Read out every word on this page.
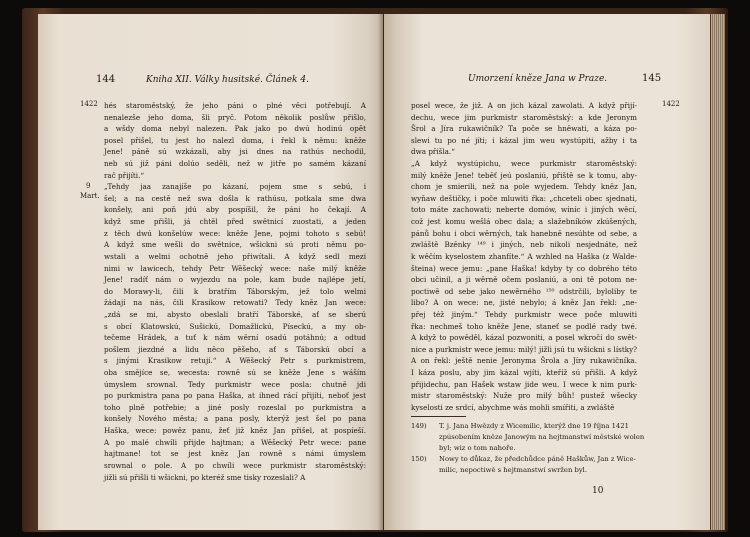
144	Kniha XII. Války husitské. Článek 4.
1422
9
Mart.
hés staroměstský, že jeho páni o plné věci potřebují. A
nenalezše jeho doma, šli pryč. Potom několik poslůw přišlo,
a wšdy doma nebyl nalezen. Pak jako po dwú hodinú opět
posel přišel, tu jest ho nalezl doma, i řekl k němu: kněže
Jene! páně sú wzkázali, aby jsi dnes na rathús nechodil,
neb sú již páni dolúo seděli, než w jitře po samém kázaní
rač přijíti.“
„Tehdy jaa zanajíše po kázaní, pojem sme s sebú, i
šel; a na cestě než swa došla k rathúsu, potkala sme dwa
konšely, ani poň jdú aby pospíšil, že páni ho čekají. A
když sme přišli, já chtěl před swětnicí zuostati, a jeden
z těch dwú konšelúw wece: kněže Jene, pojmi tohoto s sebú!
A když sme wešli do swětnice, wšickni sú proti němu po-
wstali a welmi ochotně jeho přiwítali. A když sedl mezi
nimi w lawicech, tehdy Petr Wěšecký wece: naše milý kněže
Jene! radíť nám o wyjezdu na pole, kam bude najlépe jetí,
do Morawy-li, čili k bratřím Táborským, jež tolo welmi
žádají na nás, čili Krasikow retowati? Tedy kněz Jan wece:
„zdá se mi, abysto obeslali bratří Táborské, ať se sberú
s obcí Klatowskú, Sušickú, Domažlickú, Píseckú, a my ob-
tečeme Hrádek, a tuť k nám wěrní osadú potáhnú; a odtud
pošlem jiezdné a lidu něco pěšeho, ať s Táborskú obcí a
s jinými Krasikow retují.“ A Wěšecký Petr s purkmistrem,
oba smějíce se, wecesta: rowně sú se kněže Jene s wáším
úmyslem srownal. Tedy purkmistr wece posla: chutně jdi
po purkmistra pana po pana Haška, at ihned rácí přijíti, neboť jest
toho plně potřebie; a jiné posly rozeslal po purkmistra a
konšely Nového města; a pana posly, kterýž jest šel po pana
Haška, wece: powěz panu, žeť již kněz Jan přišel, at pospíeší.
A po malé chwíli přijde hajtman; a Wěšecký Petr wece: pane
hajtmane! tot se jest kněz Jan rowně s námi úmyslem
srownal o pole. A po chwíli wece purkmistr staroměstský:
jižli sú přišli ti wšickni, po kteréž sme tisky rozeslali? A
Umorzení kněze Jana w Praze.	145
1422
posel wece, že již. A on jich kázal zawolati. A když přijí-
dechu, wece jim purkmistr staroměstský: a kde Jeronym
Šrol a Jíra rukawičník? Ta poče se hněwati, a káza po-
slewi tu po né jíti; i kázal jim weu wystúpiti, ažby i ta
dwa přišla.“
„A když wystúpichu, wece purkmistr staroměstský:
milý kněže Jene! teběť jeú poslaniú, přiště se k tomu, aby-
chom je smierili, než na pole wyjedem. Tehdy kněz Jan,
wyňaw deštičky, i poče mluwiti řka: „chceteli obec sjednati,
toto máte zachowati; neberte domów, wíníc i jiných wěcí,
což jest komu wešlá obec dala; a slažebníków zkúšených,
pánů bohu i obci wěrných, tak hanebně nesúhte od sebe, a
zwláště Bzěnky ¹⁴⁹ i jiných, neb nikoli nesjednáte, než
k wěčím kyselostem zhanfíte.“ A wzhled na Haška (z Walde-
šteina) wece jemu: „pane Haška! kdyby ty co dobrého této
obci učinil, a ji wěrně očem poslaniú, a oni tě potom ne-
poctiwě od sebe jako newěrného ¹⁵⁰ odstrčili, byloliby te
libo? A on wece: ne, jisté nebylo; á kněz Jan řekl: „ne-
přej též jiným.“ Tehdy purkmistr wece poče mluwiti
řka: nechmeš toho kněže Jene, staneť se podlé rady twé.
A když to powěděl, kázal pozwoniti, a posel wkročí do swět-
nice a purkmistr wece jemu: milý! jižli jsú tu wšickni s lístky?
A on řekl: ještě nenie Jeronyma Šrola a Jíry rukawičníka.
I káza poslu, aby jim kázal wjíti, kteříž sú přišli. A když
přijidechu, pan Hašek wstaw jide weu. I wece k nim purk-
mistr staroměstský: Nuže pro milý bůh! pustež wšecky
kyselosti ze srdcí, abychme wás mohli smířiti, a zwláště
149) T. j. Jana Hwězdy z Wicemilic, kterýž dne 19 října 1421
zpúsobením kněze Janowým na hejtmanstwí městské wolen
byl; wiz o tom nahoře.
150) Nowy to důkaz, že předchůdce páně Haškůw, Jan z Wice-
milic, nepoctiwě s hejtmanstwí swržen byl.
10
